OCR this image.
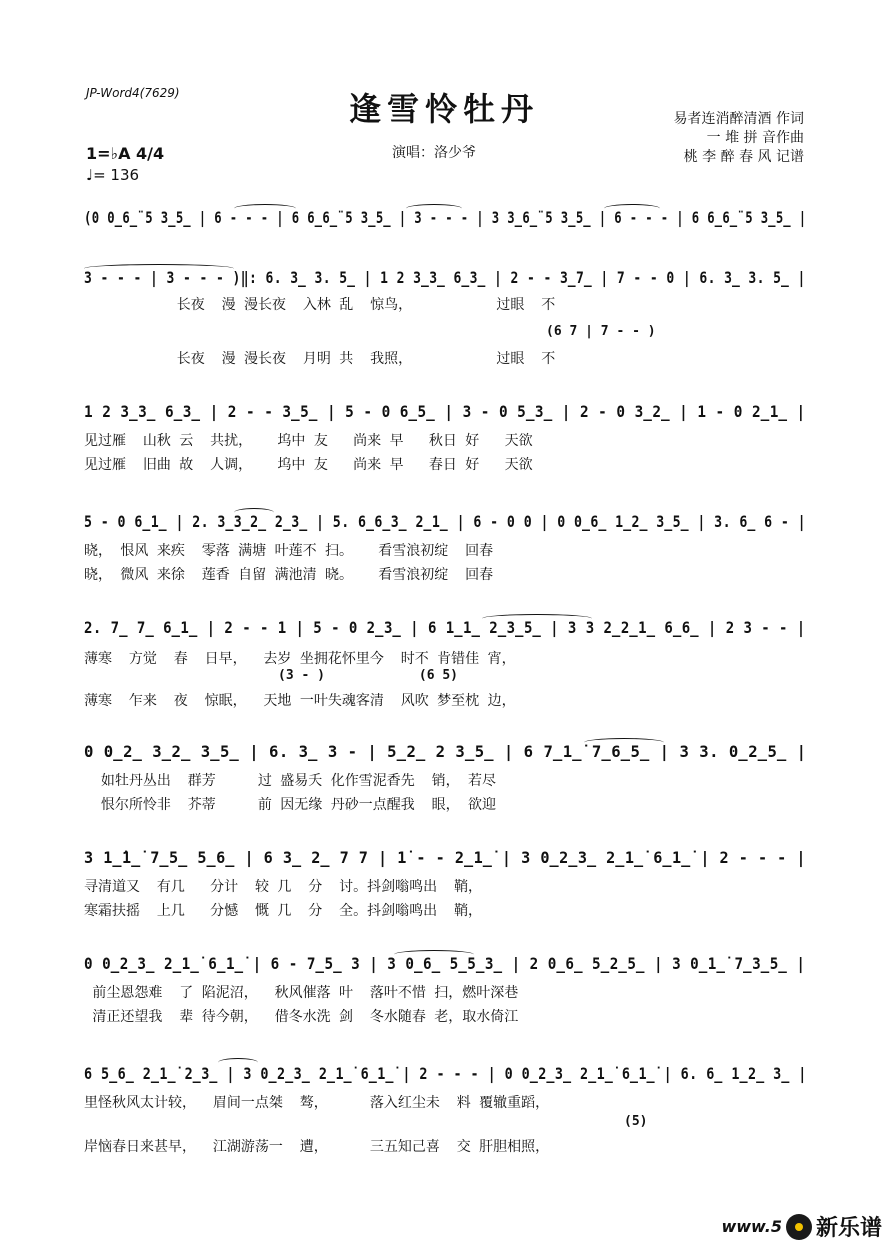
JP-Word4(7629)	逢雪怜牡丹	易者连消醉清酒 作词
一 堆 拼 音作曲
桃 李 醉 春 风 记谱
演唱：洛少爷
1=♭A 4/4
♩= 136
(0 0̲6̲̈ 5 3̲5̲ | 6 - - - | 6 6̲6̲̈ 5 3̲5̲ | 3 - - - | 3 3̲6̲̈ 5 3̲5̲ | 6 - - - | 6 6̲6̲̈ 5 3̲5̲ |
3 - - - | 3 - - - )‖: 6. 3̲ 3. 5̲ | 1 2 3̲3̲ 6̲3̲ | 2 - - 3̲7̲ | 7 - - 0 | 6. 3̲ 3. 5̲ |
长夜  漫 漫长夜  入林 乱  惊鸟，          过眼  不
(6 7 | 7 - - )
长夜  漫 漫长夜  月明 共  我照，          过眼  不
1 2 3̲3̲ 6̲3̲ | 2 - - 3̲5̲ | 5 - 0 6̲5̲ | 3 - 0 5̲3̲ | 2 - 0 3̲2̲ | 1 - 0 2̲1̲ |
见过雁  山秋 云  共扰，   坞中 友   尚来 早   秋日 好   天欲
见过雁  旧曲 故  人调，   坞中 友   尚来 早   春日 好   天欲
5 - 0 6̲1̲ | 2. 3̲3̲2̲ 2̲3̲ | 5. 6̲6̲3̲ 2̲1̲ | 6 - 0 0 | 0 0̲6̲ 1̲2̲ 3̲5̲ | 3. 6̲ 6 - |
晓， 恨风 来疾  零落 满塘 叶莲不 扫。   看雪浪初绽  回春
晓， 微风 来徐  莲香 自留 满池清 晓。   看雪浪初绽  回春
2. 7̲ 7̲ 6̲1̲ | 2 - - 1 | 5 - 0 2̲3̲ | 6 1̲1̲ 2̲3̲5̲ | 3 3 2̲2̲1̲ 6̲6̲ | 2 3 - - |
薄寒  方觉  春  日早，  去岁 坐拥花怀里今  时不 肯错佳 宵，
(3 - )            (6 5)
薄寒  乍来  夜  惊眠，  天地 一叶失魂客清  风吹 梦至枕 边，
0 0̲2̲ 3̲2̲ 3̲5̲ | 6. 3̲ 3 - | 5̲2̲ 2 3̲5̲ | 6 7̲1̲̇ 7̲6̲5̲ | 3 3. 0̲2̲5̲ |
如牡丹丛出  群芳     过 盛易夭 化作雪泥香先  销， 若尽
恨尔所怜非  芥蒂     前 因无缘 丹砂一点醒我  眼， 欲迎
3 1̲̇1̲̇ 7̲5̲ 5̲6̲ | 6 3̲ 2̲ 7 7 | 1̇ - - 2̲1̲̇ | 3 0̲2̲3̲ 2̲1̲̇ 6̲1̲̇ | 2 - - - |
寻清道又  有几   分计  较 几  分  讨。抖剑嗡鸣出  鞘，
寒霜扶摇  上几   分憾  慨 几  分  全。抖剑嗡鸣出  鞘，
0 0̲2̲3̲ 2̲1̲̇ 6̲1̲̇ | 6 - 7̲5̲ 3 | 3 0̲6̲ 5̲5̲3̲ | 2 0̲6̲ 5̲2̲5̲ | 3 0̲1̲̇ 7̲3̲5̲ |
前尘恩怨难  了 陷泥沼，  秋风催落 叶  落叶不惜 扫，燃叶深巷
清正还望我  辈 待今朝，  借冬水洗 剑  冬水随春 老，取水倚江
6 5̲6̲ 2̲1̲̇ 2̲3̲ | 3 0̲2̲3̲ 2̲1̲̇ 6̲1̲̇ | 2 - - - | 0 0̲2̲3̲ 2̲1̲̇ 6̲1̲̇ | 6. 6̲ 1̲2̲ 3̲ |
里怪秋风太计较，  眉间一点桀  骜，     落入红尘未  料 覆辙重蹈，
(5)
岸恼春日来甚早，  江湖游荡一  遭，     三五知己喜  交 肝胆相照，
www.5 新乐谱
